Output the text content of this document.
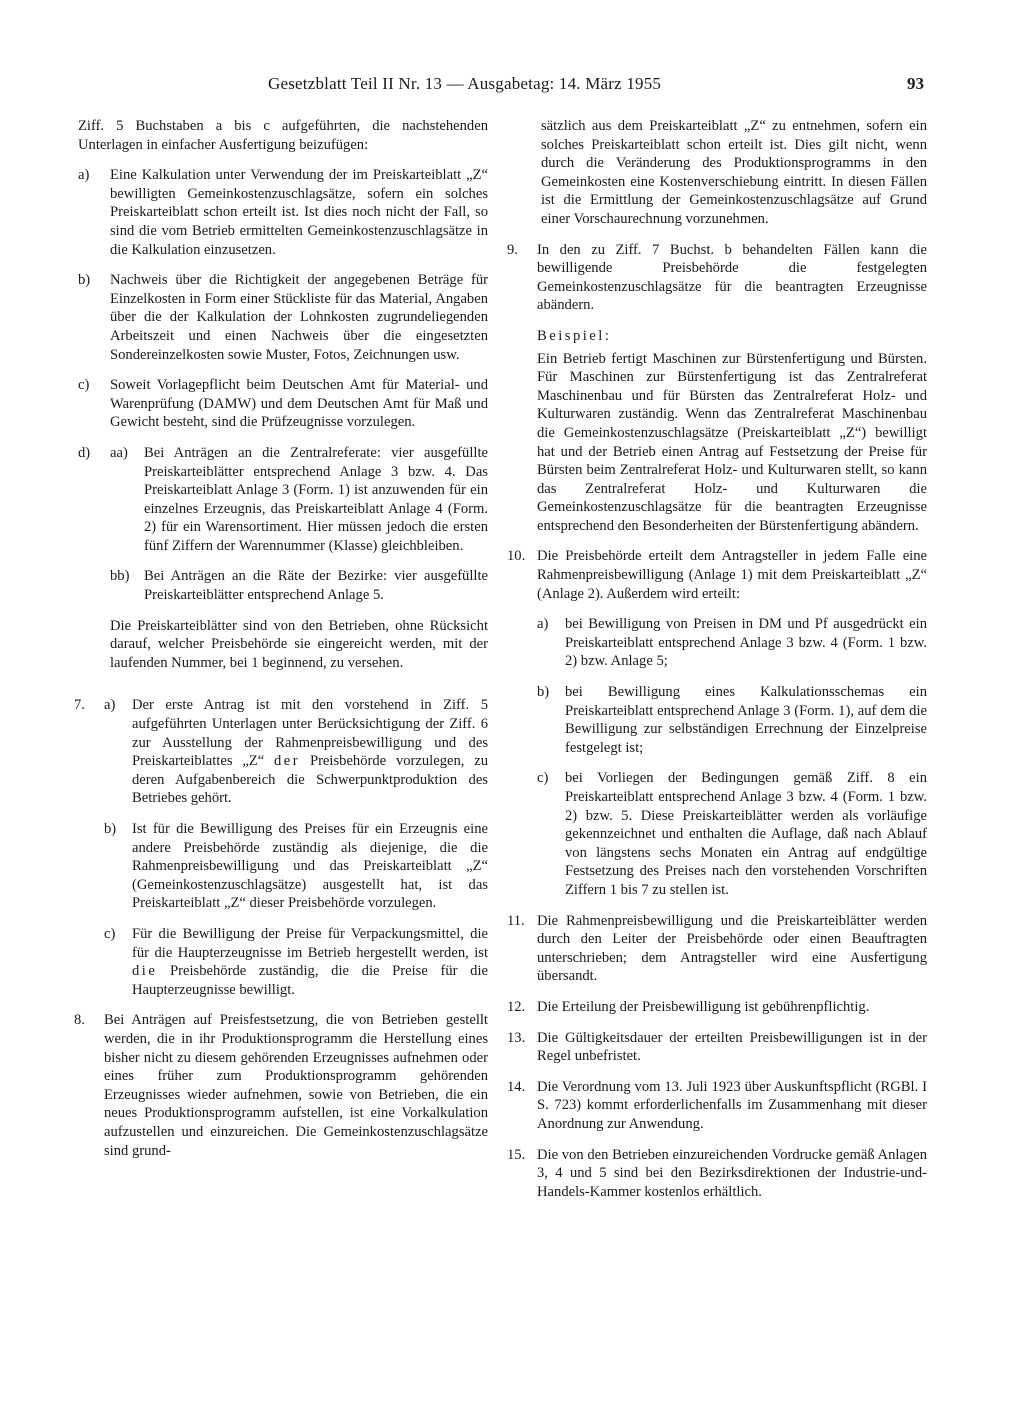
Gesetzblatt Teil II Nr. 13 — Ausgabetag: 14. März 1955	93

Ziff. 5 Buchstaben a bis c aufgeführten, die nachstehenden Unterlagen in einfacher Ausfertigung beizufügen:

a)	Eine Kalkulation unter Verwendung der im Preiskarteiblatt „Z“ bewilligten Gemeinkostenzuschlagsätze, sofern ein solches Preiskarteiblatt schon erteilt ist. Ist dies noch nicht der Fall, so sind die vom Betrieb ermittelten Gemeinkostenzuschlagsätze in die Kalkulation einzusetzen.
b)	Nachweis über die Richtigkeit der angegebenen Beträge für Einzelkosten in Form einer Stückliste für das Material, Angaben über die der Kalkulation der Lohnkosten zugrundeliegenden Arbeitszeit und einen Nachweis über die eingesetzten Sondereinzelkosten sowie Muster, Fotos, Zeichnungen usw.
c)	Soweit Vorlagepflicht beim Deutschen Amt für Material- und Warenprüfung (DAMW) und dem Deutschen Amt für Maß und Gewicht besteht, sind die Prüfzeugnisse vorzulegen.
d)	aa)	Bei Anträgen an die Zentralreferate: vier ausgefüllte Preiskarteiblätter entsprechend Anlage 3 bzw. 4. Das Preiskarteiblatt Anlage 3 (Form. 1) ist anzuwenden für ein einzelnes Erzeugnis, das Preiskarteiblatt Anlage 4 (Form. 2) für ein Warensortiment. Hier müssen jedoch die ersten fünf Ziffern der Warennummer (Klasse) gleichbleiben.
bb) Bei Anträgen an die Räte der Bezirke: vier ausgefüllte Preiskarteiblätter entsprechend Anlage 5.

Die Preiskarteiblätter sind von den Betrieben, ohne Rücksicht darauf, welcher Preisbehörde sie eingereicht werden, mit der laufenden Nummer, bei 1 beginnend, zu versehen.

7.	a)	Der erste Antrag ist mit den vorstehend in Ziff. 5 aufgeführten Unterlagen unter Berücksichtigung der Ziff. 6 zur Ausstellung der Rahmenpreisbewilligung und des Preiskarteiblattes „Z“ der Preisbehörde vorzulegen, zu deren Aufgabenbereich die Schwerpunktproduktion des Betriebes gehört.
b)	Ist für die Bewilligung des Preises für ein Erzeugnis eine andere Preisbehörde zuständig als diejenige, die die Rahmenpreisbewilligung und das Preiskarteiblatt „Z“ (Gemeinkostenzuschlagsätze) ausgestellt hat, ist das Preiskarteiblatt „Z“ dieser Preisbehörde vorzulegen.
c)	Für die Bewilligung der Preise für Verpackungsmittel, die für die Haupterzeugnisse im Betrieb hergestellt werden, ist die Preisbehörde zuständig, die die Preise für die Haupterzeugnisse bewilligt.
8.	Bei Anträgen auf Preisfestsetzung, die von Betrieben gestellt werden, die in ihr Produktionsprogramm die Herstellung eines bisher nicht zu diesem gehörenden Erzeugnisses aufnehmen oder eines früher zum Produktionsprogramm gehörenden Erzeugnisses wieder aufnehmen, sowie von Betrieben, die ein neues Produktionsprogramm aufstellen, ist eine Vorkalkulation aufzustellen und einzureichen. Die Gemeinkostenzuschlagsätze sind grund-

sätzlich aus dem Preiskarteiblatt „Z“ zu entnehmen, sofern ein solches Preiskarteiblatt schon erteilt ist. Dies gilt nicht, wenn durch die Veränderung des Produktionsprogramms in den Gemeinkosten eine Kostenverschiebung eintritt. In diesen Fällen ist die Ermittlung der Gemeinkostenzuschlagsätze auf Grund einer Vorschaurechnung vorzunehmen.

9.	In den zu Ziff. 7 Buchst. b behandelten Fällen kann die bewilligende Preisbehörde die festgelegten Gemeinkostenzuschlagsätze für die beantragten Erzeugnisse abändern.

Beispiel:

Ein Betrieb fertigt Maschinen zur Bürstenfertigung und Bürsten. Für Maschinen zur Bürstenfertigung ist das Zentralreferat Maschinenbau und für Bürsten das Zentralreferat Holz- und Kulturwaren zuständig. Wenn das Zentralreferat Maschinenbau die Gemeinkostenzuschlagsätze (Preiskarteiblatt „Z“) bewilligt hat und der Betrieb einen Antrag auf Festsetzung der Preise für Bürsten beim Zentralreferat Holz- und Kulturwaren stellt, so kann das Zentralreferat Holz- und Kulturwaren die Gemeinkostenzuschlagsätze für die beantragten Erzeugnisse entsprechend den Besonderheiten der Bürstenfertigung abändern.

10. Die Preisbehörde erteilt dem Antragsteller in jedem Falle eine Rahmenpreisbewilligung (Anlage 1) mit dem Preiskarteiblatt „Z“ (Anlage 2). Außerdem wird erteilt:

a)	bei Bewilligung von Preisen in DM und Pf ausgedrückt ein Preiskarteiblatt entsprechend Anlage 3 bzw. 4 (Form. 1 bzw. 2) bzw. Anlage 5;
b)	bei Bewilligung eines Kalkulationsschemas ein Preiskarteiblatt entsprechend Anlage 3 (Form. 1), auf dem die Bewilligung zur selbständigen Errechnung der Einzelpreise festgelegt ist;
c)	bei Vorliegen der Bedingungen gemäß Ziff. 8 ein Preiskarteiblatt entsprechend Anlage 3 bzw. 4 (Form. 1 bzw. 2) bzw. 5. Diese Preiskarteiblätter werden als vorläufige gekennzeichnet und enthalten die Auflage, daß nach Ablauf von längstens sechs Monaten ein Antrag auf endgültige Festsetzung des Preises nach den vorstehenden Vorschriften Ziffern 1 bis 7 zu stellen ist.
11. Die Rahmenpreisbewilligung und die Preiskarteiblätter werden durch den Leiter der Preisbehörde oder einen Beauftragten unterschrieben; dem Antragsteller wird eine Ausfertigung übersandt.
12. Die Erteilung der Preisbewilligung ist gebührenpflichtig.
13. Die Gültigkeitsdauer der erteilten Preisbewilligungen ist in der Regel unbefristet.
14. Die Verordnung vom 13. Juli 1923 über Auskunftspflicht (RGBl. I S. 723) kommt erforderlichenfalls im Zusammenhang mit dieser Anordnung zur Anwendung.
15. Die von den Betrieben einzureichenden Vordrucke gemäß Anlagen 3, 4 und 5 sind bei den Bezirksdirektionen der Industrie-und-Handels-Kammer kostenlos erhältlich.
